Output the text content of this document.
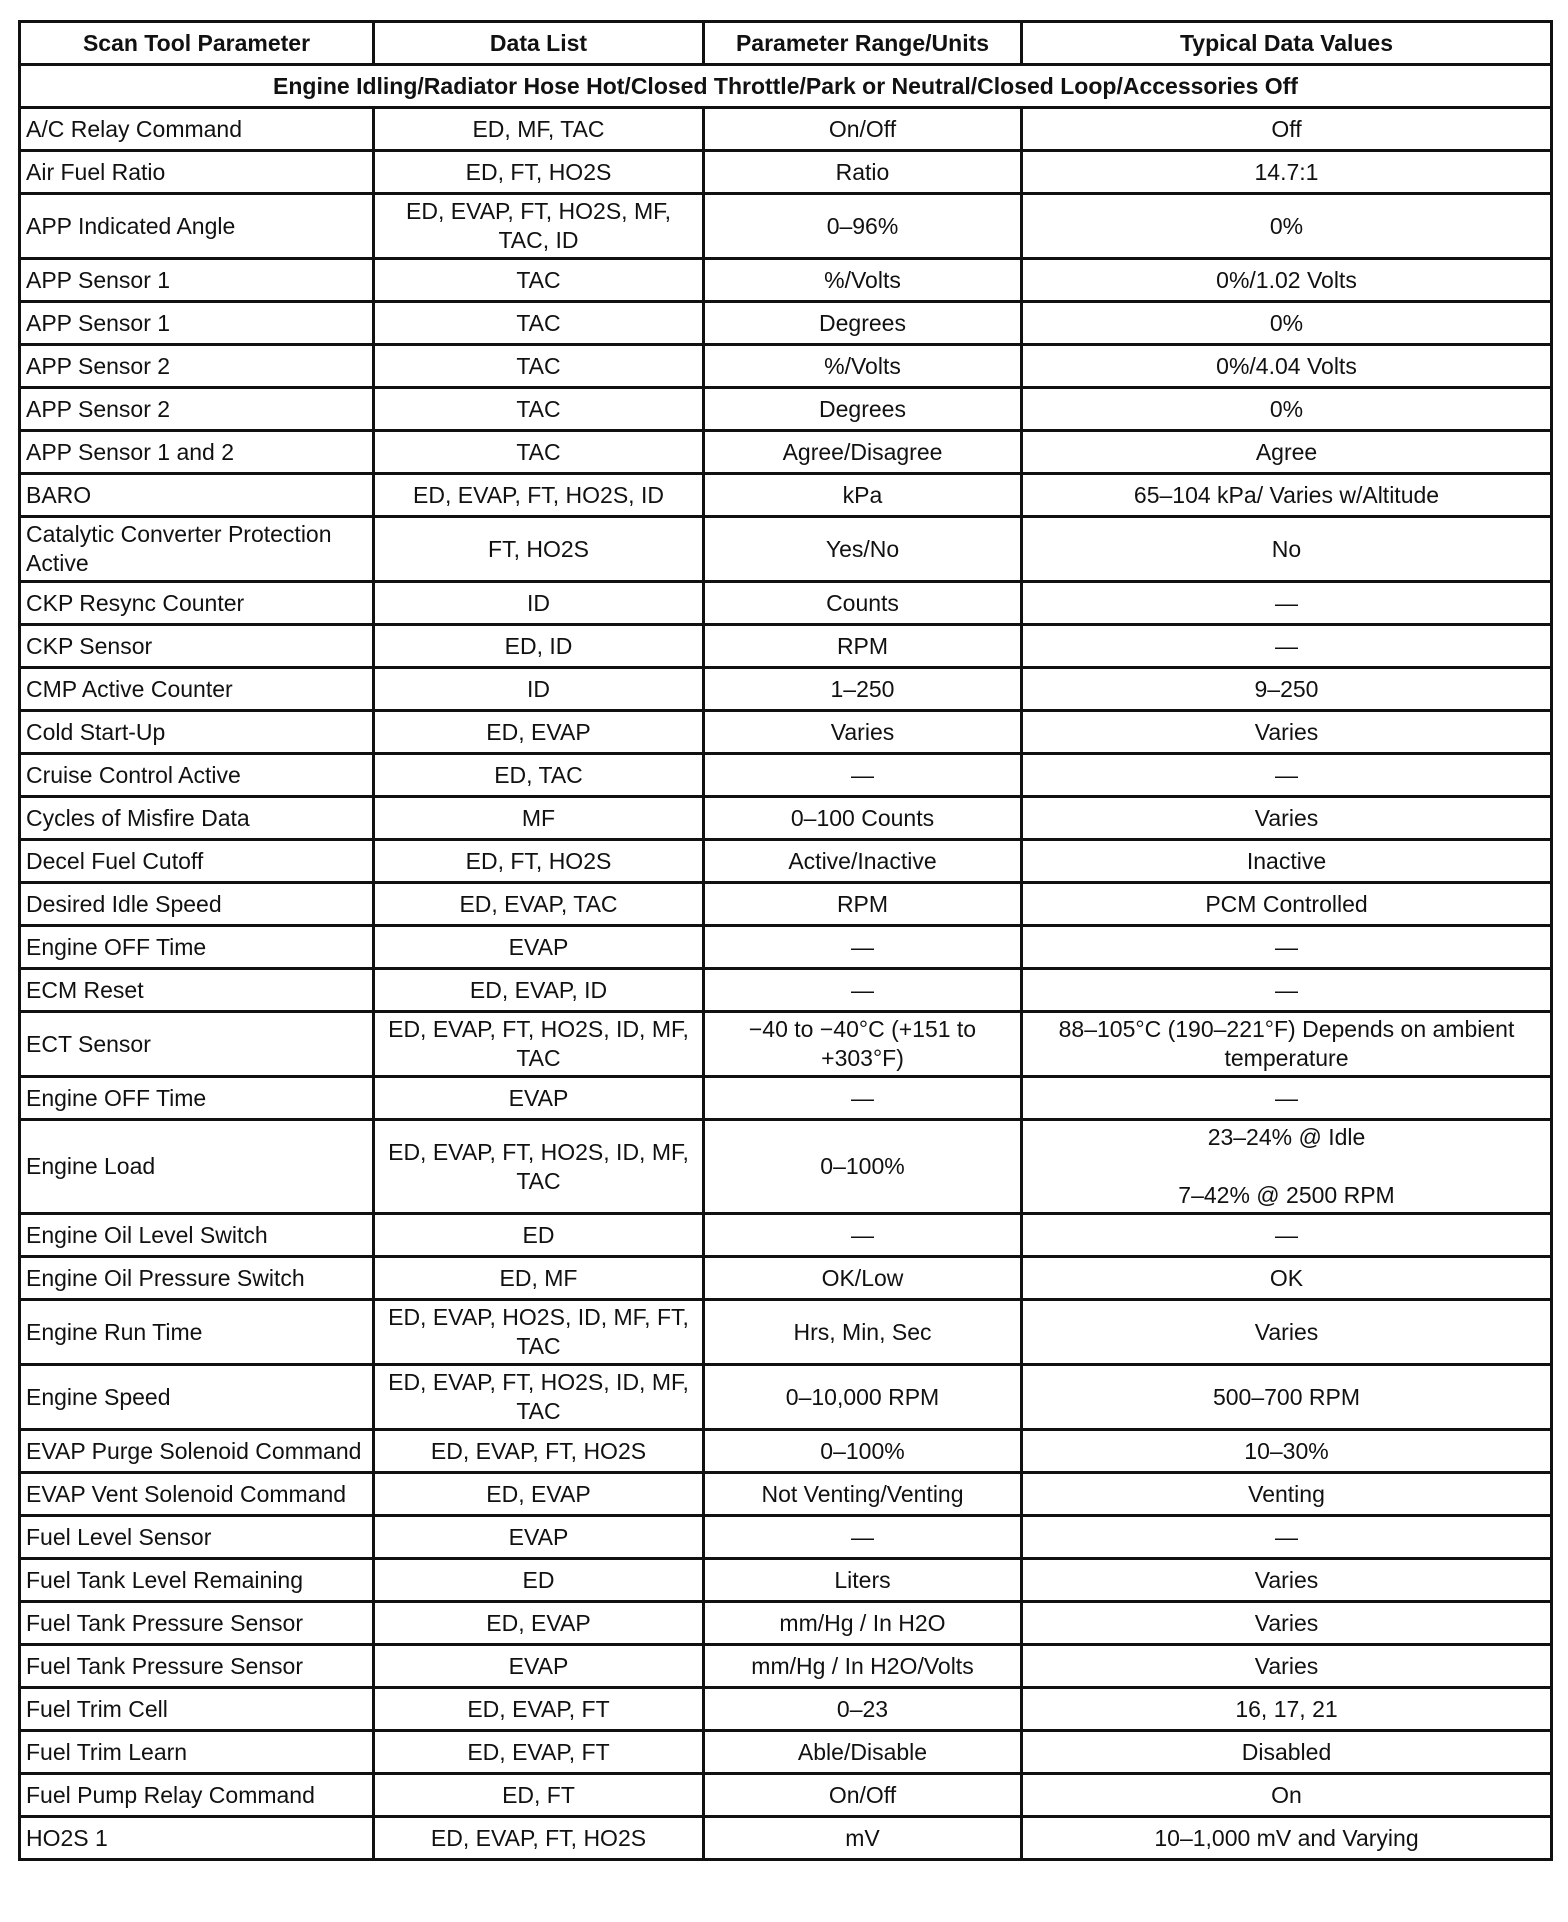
Scan Tool Parameter	Data List	Parameter Range/Units	Typical Data Values
Engine Idling/Radiator Hose Hot/Closed Throttle/Park or Neutral/Closed Loop/Accessories Off			
A/C Relay Command	ED, MF, TAC	On/Off	Off

Air Fuel Ratio	ED, FT, HO2S	Ratio	14.7:1

APP Indicated Angle	ED, EVAP, FT, HO2S, MF, TAC, ID	0–96%	0%

APP Sensor 1	TAC	%/Volts	0%/1.02 Volts

APP Sensor 1	TAC	Degrees	0%

APP Sensor 2	TAC	%/Volts	0%/4.04 Volts

APP Sensor 2	TAC	Degrees	0%

APP Sensor 1 and 2	TAC	Agree/Disagree	Agree

BARO	ED, EVAP, FT, HO2S, ID	kPa	65–104 kPa/ Varies w/Altitude

Catalytic Converter Protection Active	FT, HO2S	Yes/No	No

CKP Resync Counter	ID	Counts	—

CKP Sensor	ED, ID	RPM	—

CMP Active Counter	ID	1–250	9–250

Cold Start-Up	ED, EVAP	Varies	Varies

Cruise Control Active	ED, TAC	—	—

Cycles of Misfire Data	MF	0–100 Counts	Varies

Decel Fuel Cutoff	ED, FT, HO2S	Active/Inactive	Inactive

Desired Idle Speed	ED, EVAP, TAC	RPM	PCM Controlled

Engine OFF Time	EVAP	—	—

ECM Reset	ED, EVAP, ID	—	—

ECT Sensor	ED, EVAP, FT, HO2S, ID, MF, TAC	−40 to −40°C (+151 to +303°F)	88–105°C (190–221°F) Depends on ambient temperature

Engine OFF Time	EVAP	—	—

Engine Load	ED, EVAP, FT, HO2S, ID, MF, TAC	0–100%	23–24% @ Idle
7–42% @ 2500 RPM

Engine Oil Level Switch	ED	—	—

Engine Oil Pressure Switch	ED, MF	OK/Low	OK

Engine Run Time	ED, EVAP, HO2S, ID, MF, FT, TAC	Hrs, Min, Sec	Varies

Engine Speed	ED, EVAP, FT, HO2S, ID, MF, TAC	0–10,000 RPM	500–700 RPM

EVAP Purge Solenoid Command	ED, EVAP, FT, HO2S	0–100%	10–30%

EVAP Vent Solenoid Command	ED, EVAP	Not Venting/Venting	Venting

Fuel Level Sensor	EVAP	—	—

Fuel Tank Level Remaining	ED	Liters	Varies

Fuel Tank Pressure Sensor	ED, EVAP	mm/Hg / In H2O	Varies

Fuel Tank Pressure Sensor	EVAP	mm/Hg / In H2O/Volts	Varies

Fuel Trim Cell	ED, EVAP, FT	0–23	16, 17, 21

Fuel Trim Learn	ED, EVAP, FT	Able/Disable	Disabled

Fuel Pump Relay Command	ED, FT	On/Off	On

HO2S 1	ED, EVAP, FT, HO2S	mV	10–1,000 mV and Varying
